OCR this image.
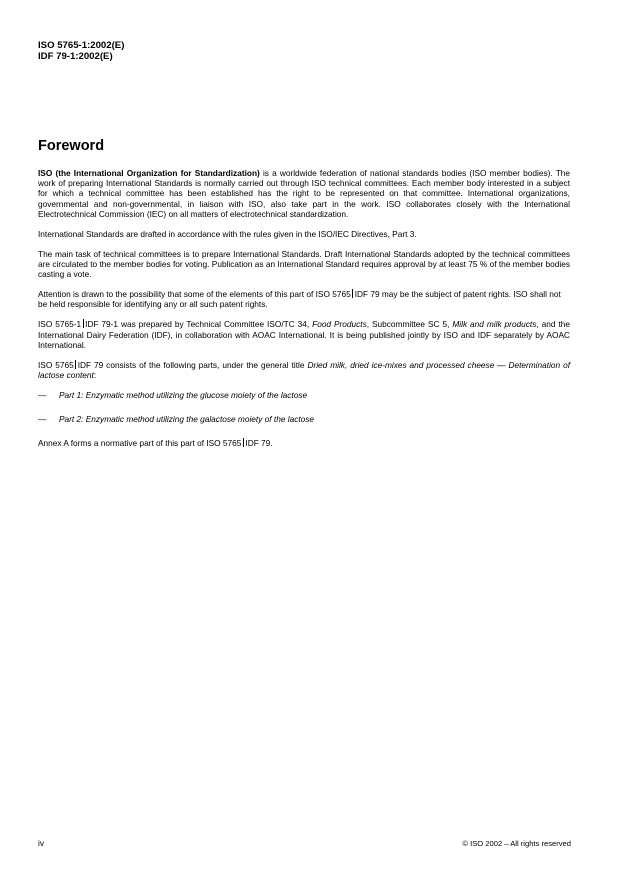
ISO 5765-1:2002(E)
IDF 79-1:2002(E)
Foreword

ISO (the International Organization for Standardization) is a worldwide federation of national standards bodies (ISO member bodies). The work of preparing International Standards is normally carried out through ISO technical committees. Each member body interested in a subject for which a technical committee has been established has the right to be represented on that committee. International organizations, governmental and non-governmental, in liaison with ISO, also take part in the work. ISO collaborates closely with the International Electrotechnical Commission (IEC) on all matters of electrotechnical standardization.

International Standards are drafted in accordance with the rules given in the ISO/IEC Directives, Part 3.

The main task of technical committees is to prepare International Standards. Draft International Standards adopted by the technical committees are circulated to the member bodies for voting. Publication as an International Standard requires approval by at least 75 % of the member bodies casting a vote.

Attention is drawn to the possibility that some of the elements of this part of ISO 5765 IDF 79 may be the subject of patent rights. ISO shall not be held responsible for identifying any or all such patent rights.

ISO 5765-1 IDF 79-1 was prepared by Technical Committee ISO/TC 34, Food Products, Subcommittee SC 5, Milk and milk products, and the International Dairy Federation (IDF), in collaboration with AOAC International. It is being published jointly by ISO and IDF separately by AOAC International.

ISO 5765 IDF 79 consists of the following parts, under the general title Dried milk, dried ice-mixes and processed cheese — Determination of lactose content:

—	Part 1: Enzymatic method utilizing the glucose moiety of the lactose
—	Part 2: Enzymatic method utilizing the galactose moiety of the lactose

Annex A forms a normative part of this part of ISO 5765 IDF 79.

iv	© ISO 2002 – All rights reserved
